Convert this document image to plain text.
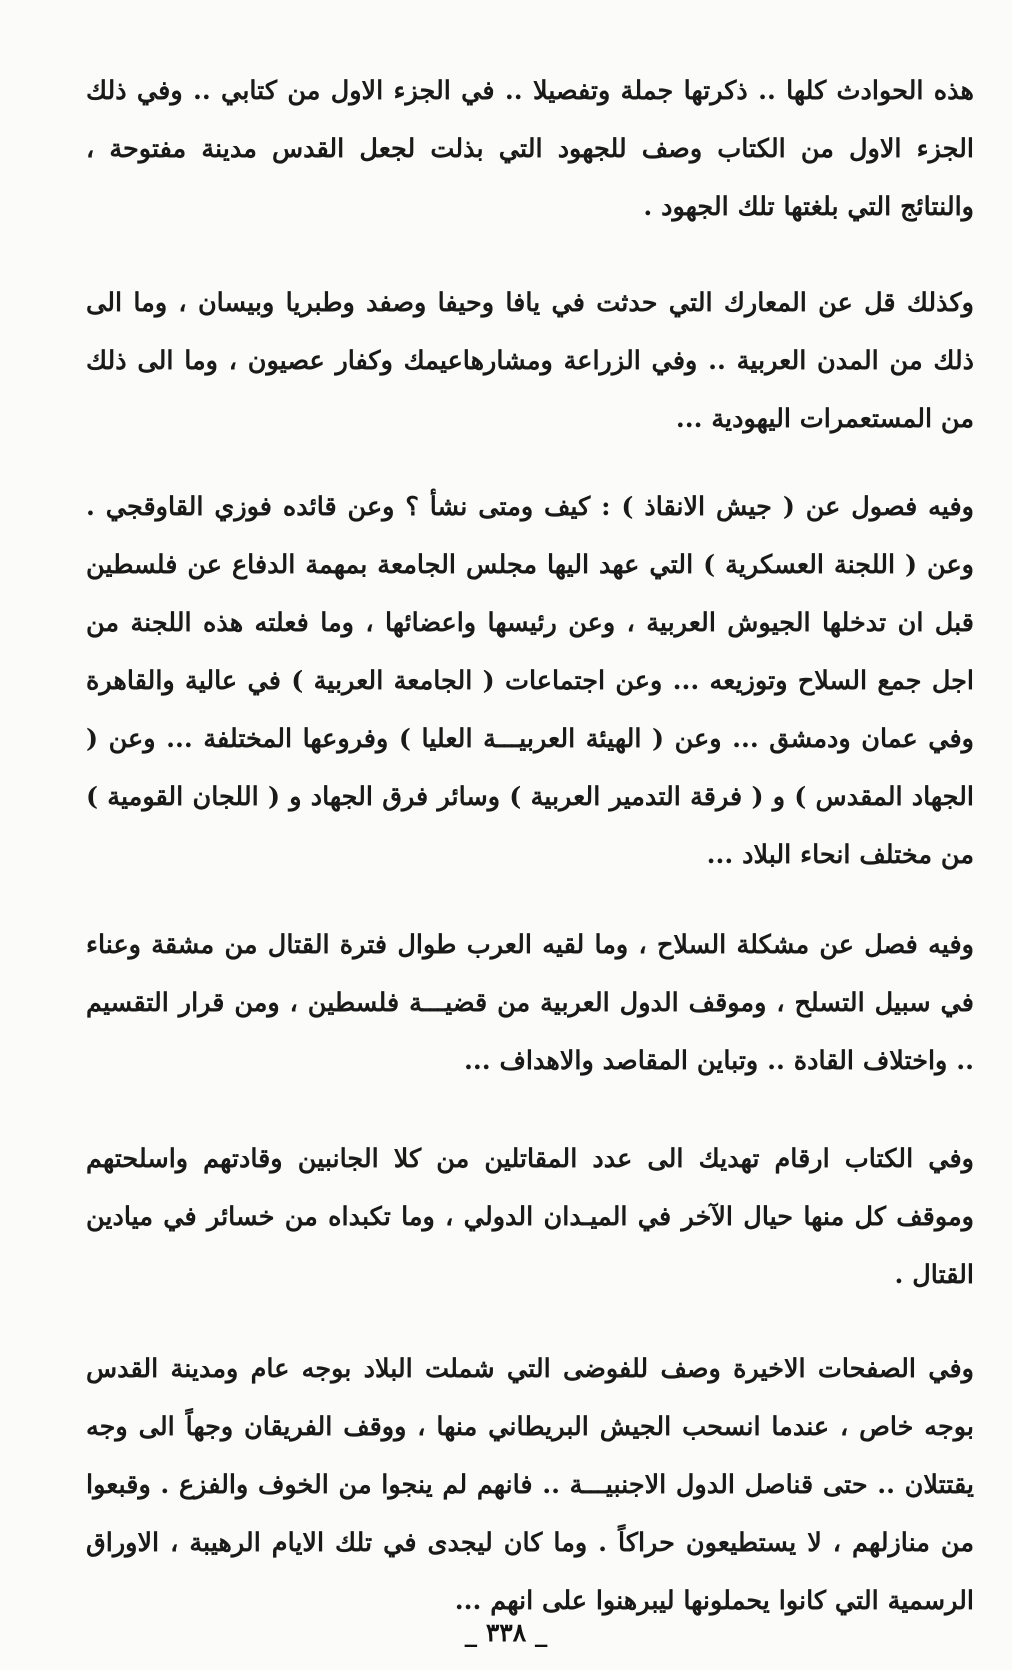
هذه الحوادث كلها .. ذكرتها جملة وتفصيلا .. في الجزء الاول من كتابي .. وفي ذلك الجزء الاول من الكتاب وصف للجهود التي بذلت لجعل القدس مدينة مفتوحة ، والنتائج التي بلغتها تلك الجهود .

وكذلك قل عن المعارك التي حدثت في يافا وحيفا وصفد وطبريا وبيسان ، وما الى ذلك من المدن العربية .. وفي الزراعة ومشارهاعيمك وكفار عصيون ، وما الى ذلك من المستعمرات اليهودية ...

وفيه فصول عن ( جيش الانقاذ ) : كيف ومتى نشأ ؟ وعن قائده فوزي القاوقجي . وعن ( اللجنة العسكرية ) التي عهد اليها مجلس الجامعة بمهمة الدفاع عن فلسطين قبل ان تدخلها الجيوش العربية ، وعن رئيسها واعضائها ، وما فعلته هذه اللجنة من اجل جمع السلاح وتوزيعه ... وعن اجتماعات ( الجامعة العربية ) في عالية والقاهرة وفي عمان ودمشق ... وعن ( الهيئة العربيـــة العليا ) وفروعها المختلفة ... وعن ( الجهاد المقدس ) و ( فرقة التدمير العربية ) وسائر فرق الجهاد و ( اللجان القومية ) من مختلف انحاء البلاد ...

وفيه فصل عن مشكلة السلاح ، وما لقيه العرب طوال فترة القتال من مشقة وعناء في سبيل التسلح ، وموقف الدول العربية من قضيـــة فلسطين ، ومن قرار التقسيم .. واختلاف القادة .. وتباين المقاصد والاهداف ...

وفي الكتاب ارقام تهديك الى عدد المقاتلين من كلا الجانبين وقادتهم واسلحتهم وموقف كل منها حيال الآخر في الميـدان الدولي ، وما تكبداه من خسائر في ميادين القتال .

وفي الصفحات الاخيرة وصف للفوضى التي شملت البلاد بوجه عام ومدينة القدس بوجه خاص ، عندما انسحب الجيش البريطاني منها ، ووقف الفريقان وجهاً الى وجه يقتتلان .. حتى قناصل الدول الاجنبيـــة .. فانهم لم ينجوا من الخوف والفزع . وقبعوا من منازلهم ، لا يستطيعون حراكاً . وما كان ليجدى في تلك الايام الرهيبة ، الاوراق الرسمية التي كانوا يحملونها ليبرهنوا على انهم ...

_ ٣٣٨ _
